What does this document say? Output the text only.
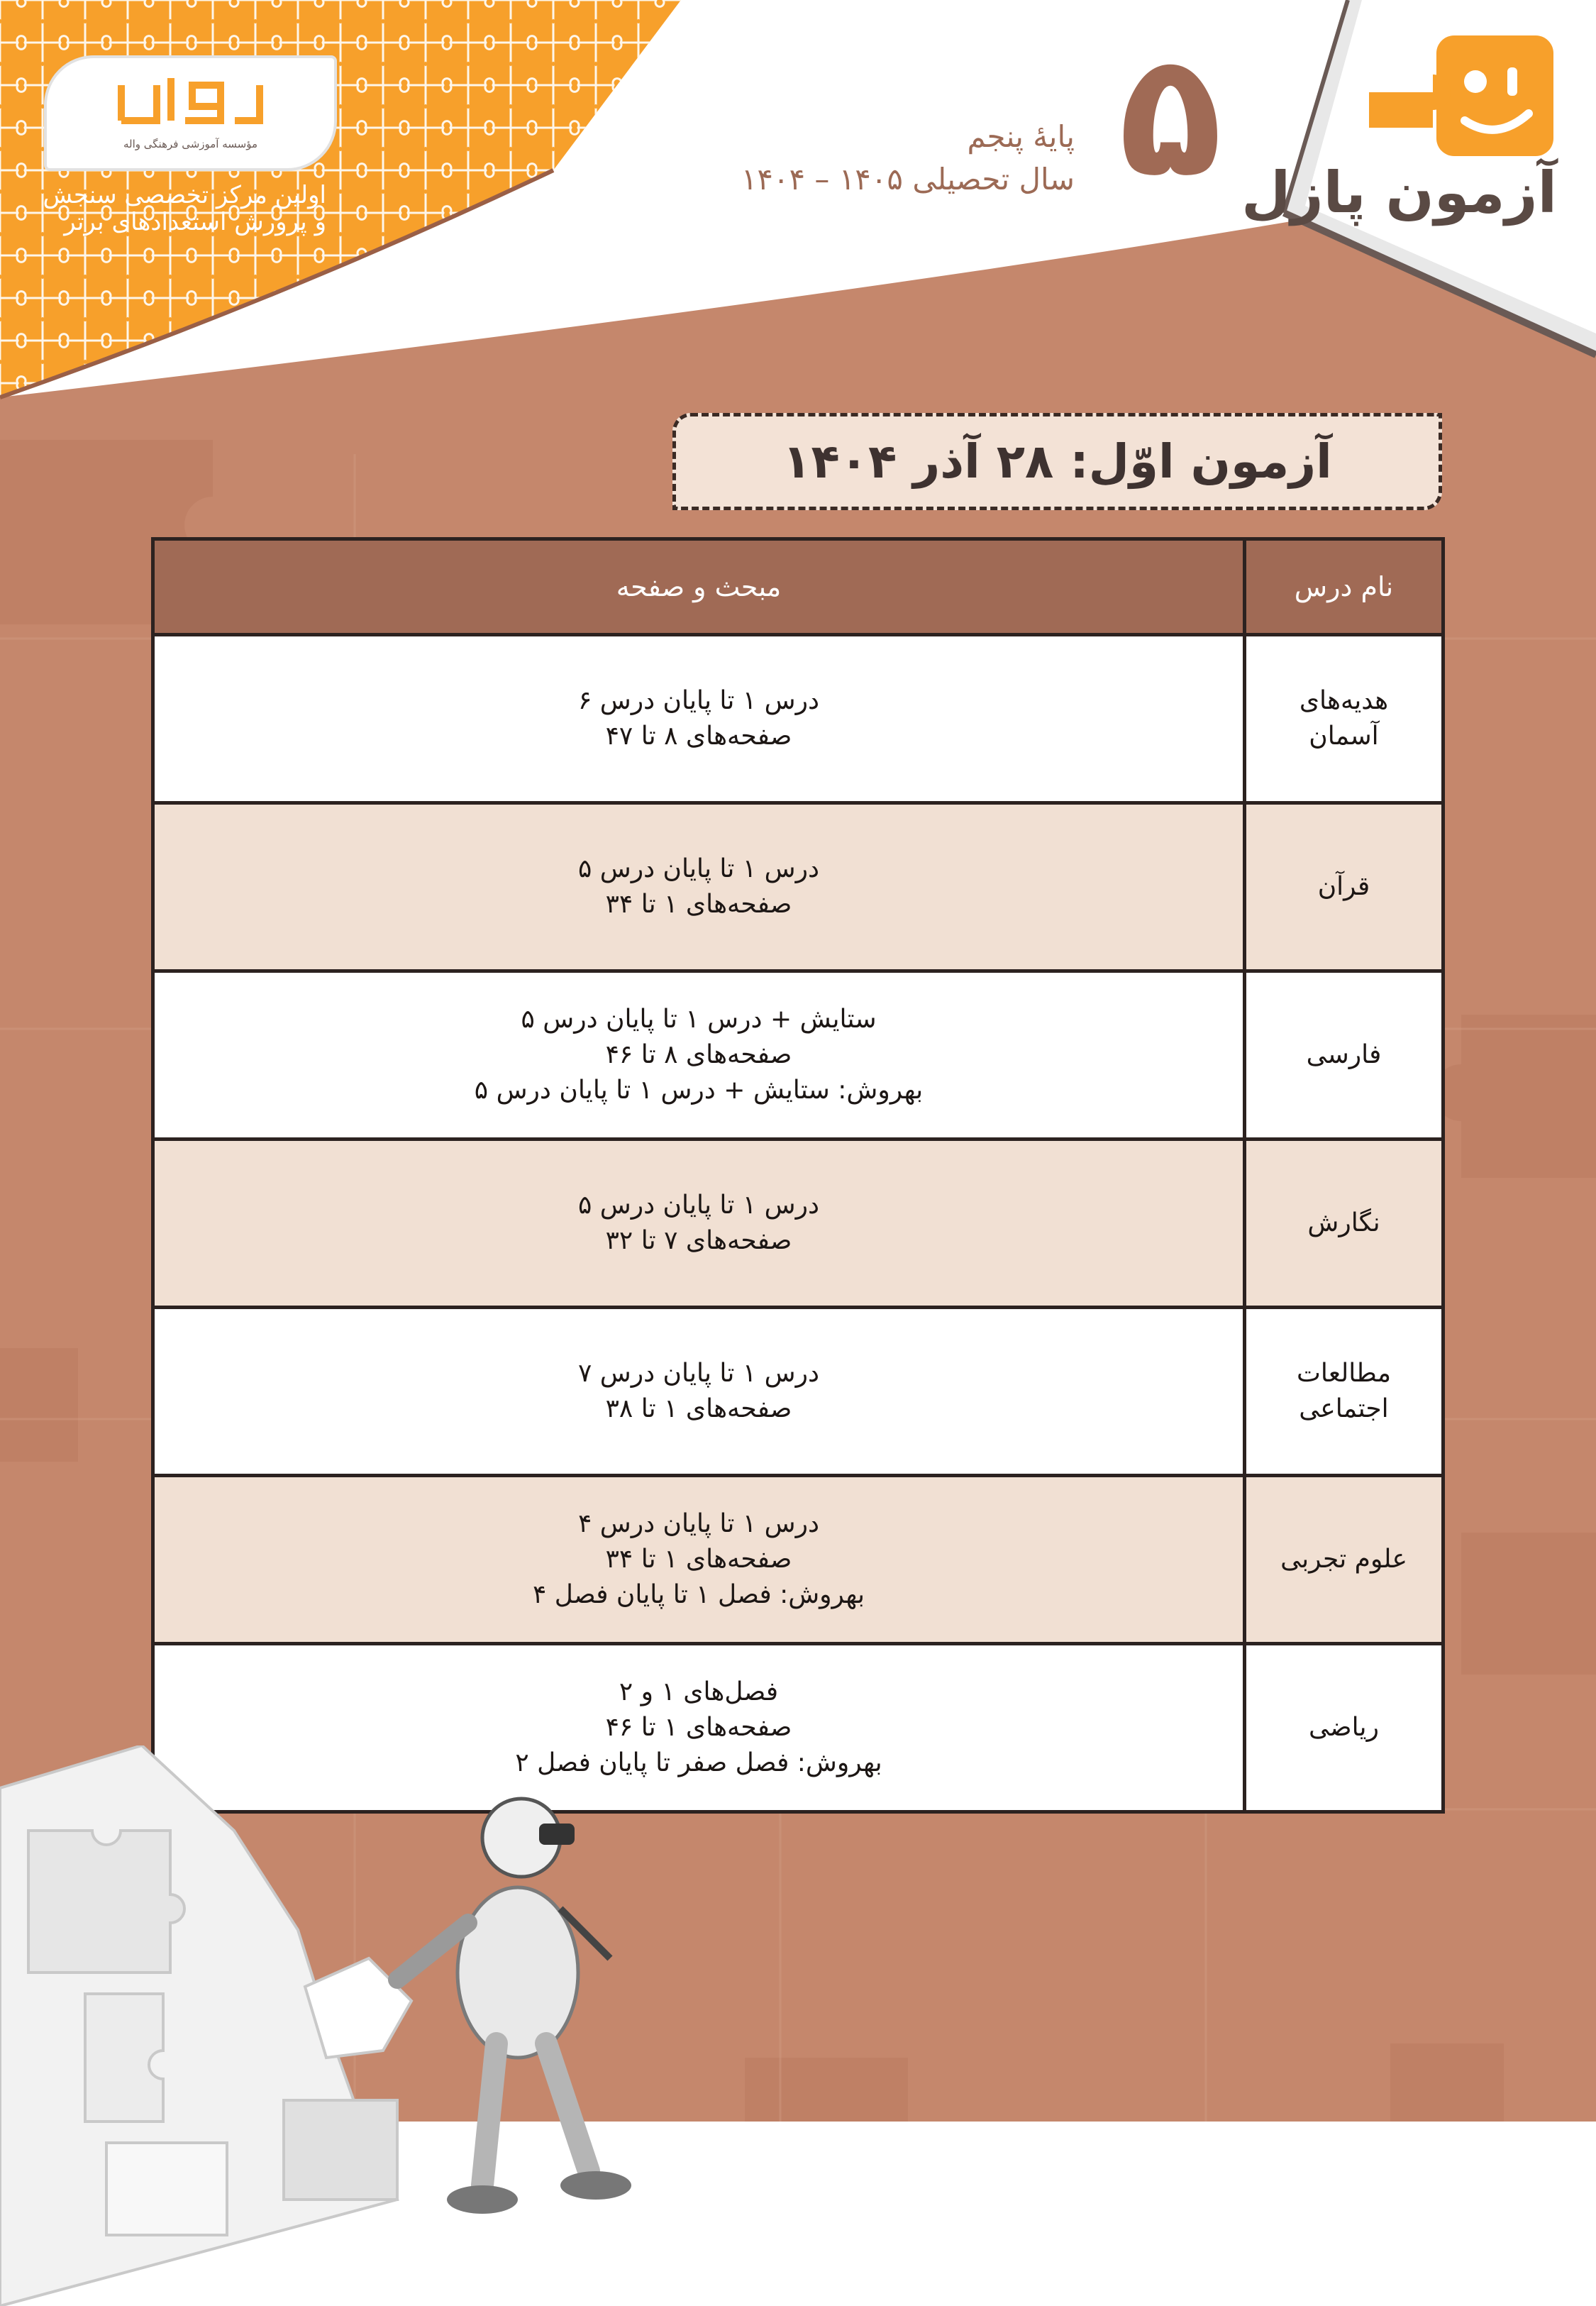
آزمون پازل
۵
پایۀ پنجم
سال تحصیلی ۱۴۰۵ – ۱۴۰۴
مؤسسه آموزشی فرهنگی واله
اولین مرکز تخصصی سنجش
و پرورش استعدادهای برتر
آزمون اوّل: ۲۸ آذر ۱۴۰۴
نام درس	مبحث و صفحه

هدیه‌های
آسمان	درس ۱ تا پایان درس ۶
صفحه‌های ۸ تا ۴۷

قرآن	درس ۱ تا پایان درس ۵
صفحه‌های ۱ تا ۳۴

فارسی	ستایش + درس ۱ تا پایان درس ۵
صفحه‌های ۸ تا ۴۶
بهروش: ستایش + درس ۱ تا پایان درس ۵

نگارش	درس ۱ تا پایان درس ۵
صفحه‌های ۷ تا ۳۲

مطالعات
اجتماعی	درس ۱ تا پایان درس ۷
صفحه‌های ۱ تا ۳۸

علوم تجربی	درس ۱ تا پایان درس ۴
صفحه‌های ۱ تا ۳۴
بهروش: فصل ۱ تا پایان فصل ۴

ریاضی	فصل‌های ۱ و ۲
صفحه‌های ۱ تا ۴۶
بهروش: فصل صفر تا پایان فصل ۲
